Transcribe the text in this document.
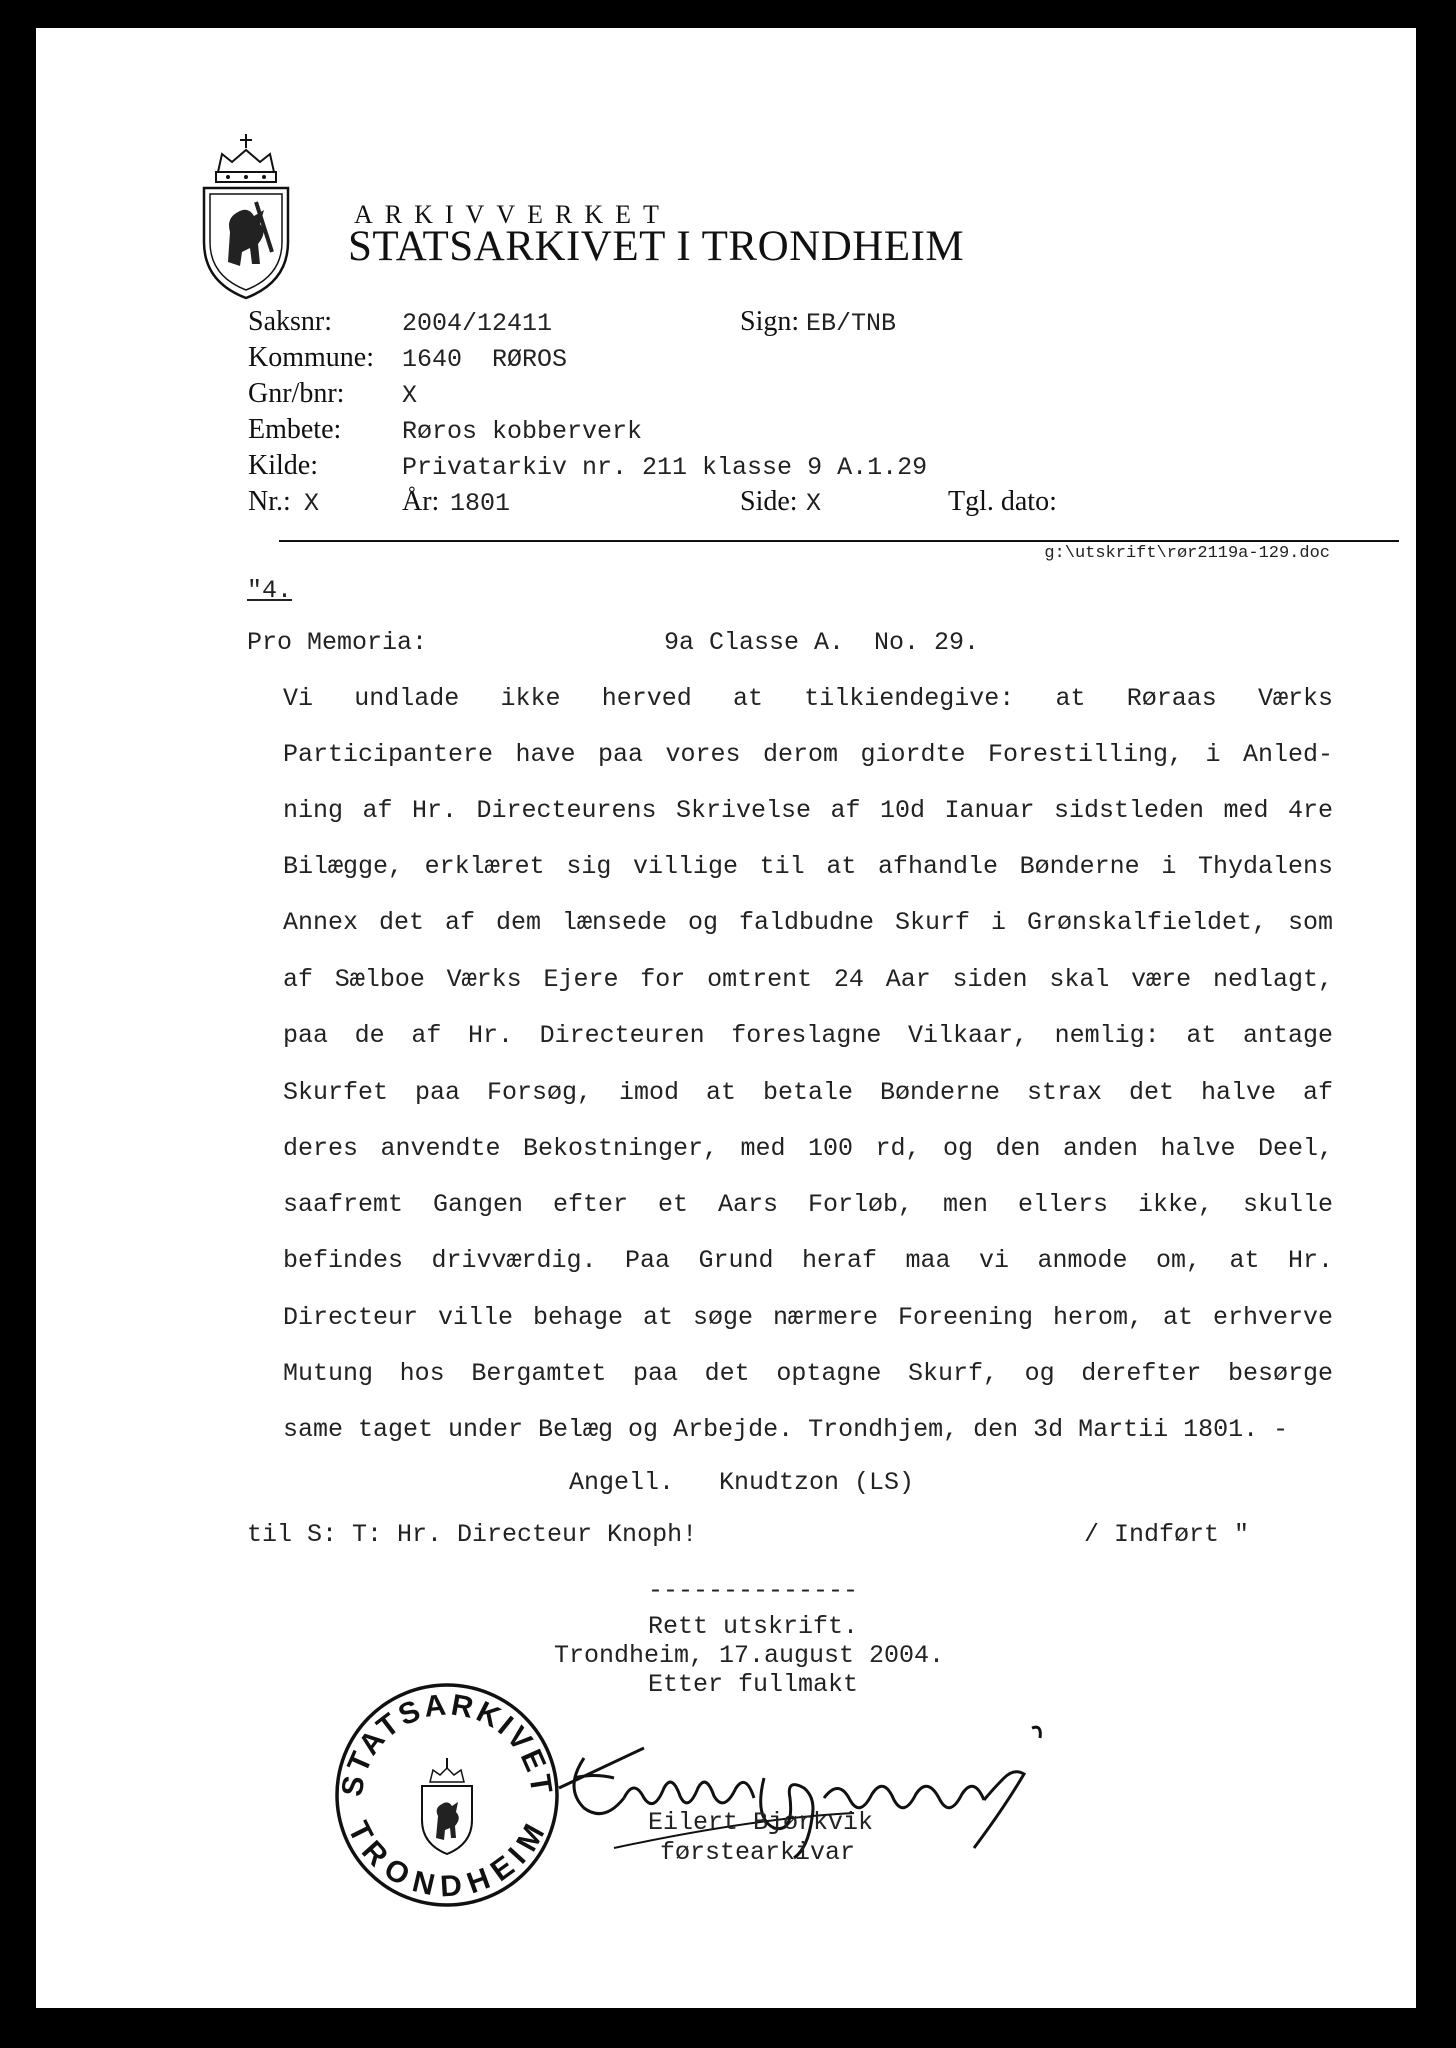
ARKIVVERKET
STATSARKIVET I TRONDHEIM
Saksnr:	2004/12411	Sign: EB/TNB
Kommune: 1640  RØROS
Gnr/bnr: X
Embete: Røros kobberverk
Kilde:	Privatarkiv nr. 211 klasse 9 A.1.29
Nr.: X	År: 1801	Side: X	Tgl. dato:
g:\utskrift\rør2119a-129.doc
"4.
Pro Memoria:	9a Classe A.  No. 29.
Vi undlade ikke herved at tilkiendegive: at Røraas Værks
Participantere have paa vores derom giordte Forestilling, i Anled-
ning af Hr. Directeurens Skrivelse af 10d Ianuar sidstleden med 4re
Bilægge, erklæret sig villige til at afhandle Bønderne i Thydalens
Annex det af dem lænsede og faldbudne Skurf i Grønskalfieldet, som
af Sælboe Værks Ejere for omtrent 24 Aar siden skal være nedlagt,
paa de af Hr. Directeuren foreslagne Vilkaar, nemlig: at antage
Skurfet paa Forsøg, imod at betale Bønderne strax det halve af
deres anvendte Bekostninger, med 100 rd, og den anden halve Deel,
saafremt Gangen efter et Aars Forløb, men ellers ikke, skulle
befindes drivværdig. Paa Grund heraf maa vi anmode om, at Hr.
Directeur ville behage at søge nærmere Foreening herom, at erhverve
Mutung hos Bergamtet paa det optagne Skurf, og derefter besørge
same taget under Belæg og Arbejde. Trondhjem, den 3d Martii 1801. -
Angell.   Knudtzon (LS)
til S: T: Hr. Directeur Knoph!	/ Indført "
--------------
Rett utskrift.
Trondheim, 17.august 2004.
Etter fullmakt
STATSARKIVET
TRONDHEIM	Eilert Bjørkvik
førstearkivar
